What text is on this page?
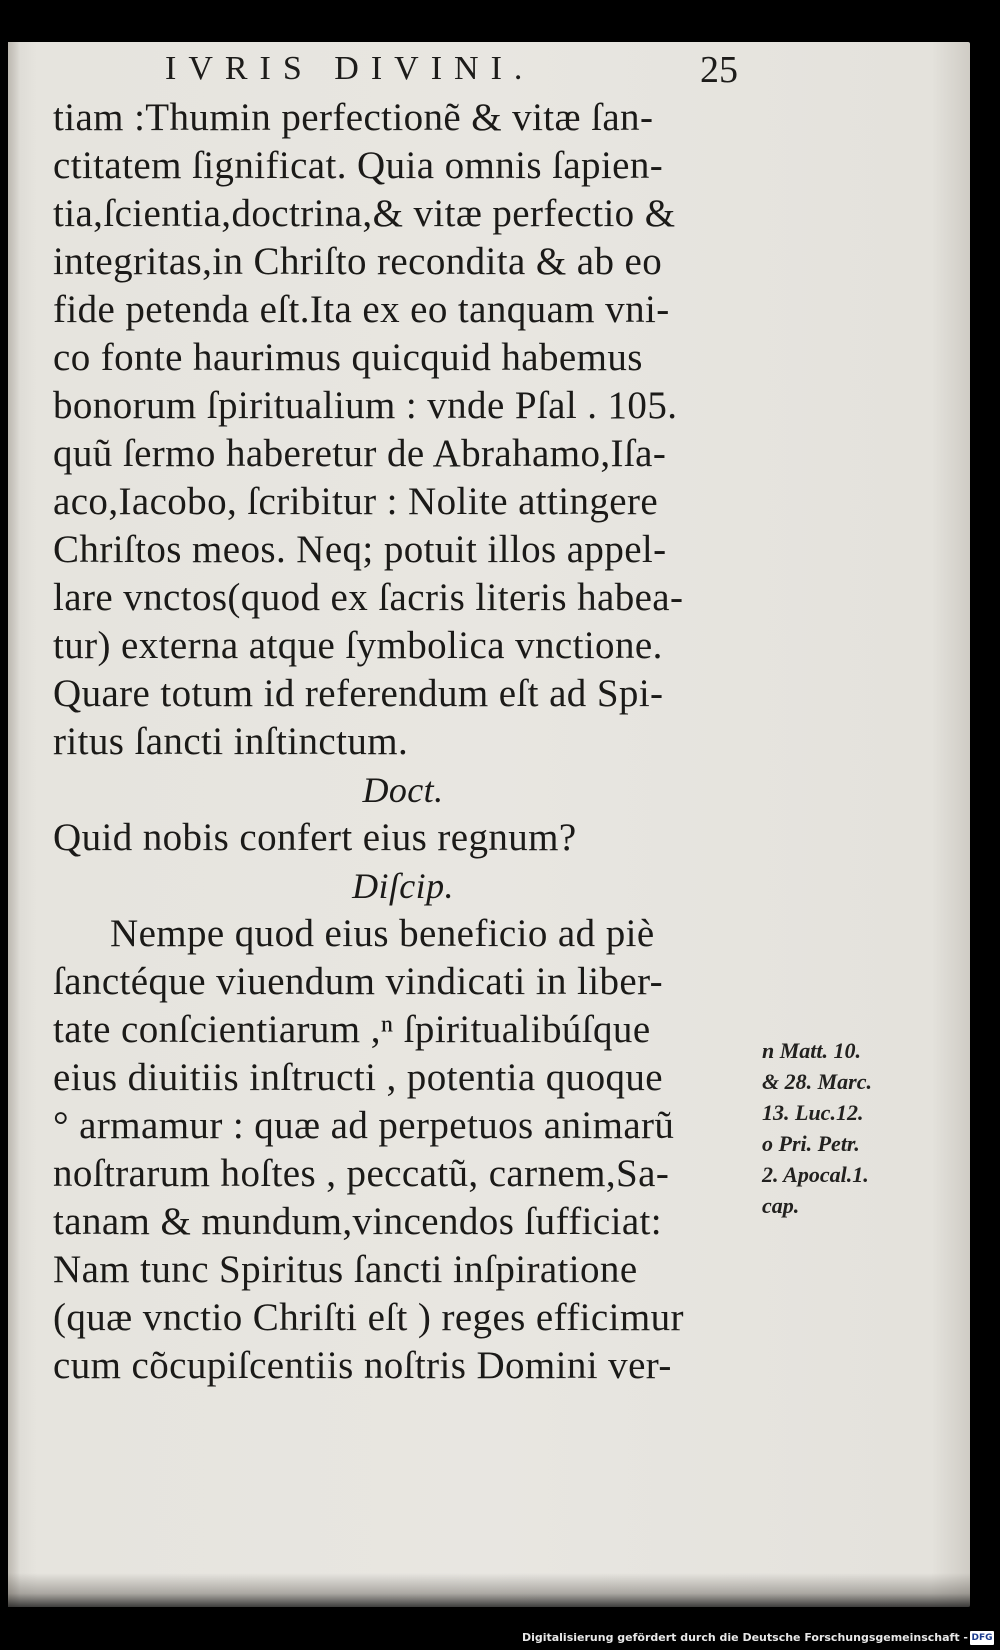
IVRIS DIVINI.	25
tiam :Thumin perfectionẽ & vitæ ſan-
ctitatem ſignificat. Quia omnis ſapien-
tia,ſcientia,doctrina,& vitæ perfectio &
integritas,in Chriſto recondita & ab eo
fide petenda eſt.Ita ex eo tanquam vni-
co fonte haurimus quicquid habemus
bonorum ſpiritualium : vnde Pſal . 105.
quũ ſermo haberetur de Abrahamo,Iſa-
aco,Iacobo, ſcribitur : Nolite attingere
Chriſtos meos. Neq; potuit illos appel-
lare vnctos(quod ex ſacris literis habea-
tur) externa atque ſymbolica vnctione.
Quare totum id referendum eſt ad Spi-
ritus ſancti inſtinctum.
Doct.
Quid nobis confert eius regnum?
Diſcip.
Nempe quod eius beneficio ad piè
ſanctéque viuendum vindicati in liber-
tate conſcientiarum ,ⁿ ſpiritualibúſque
eius diuitiis inſtructi , potentia quoque
° armamur : quæ ad perpetuos animarũ
noſtrarum hoſtes , peccatũ, carnem,Sa-
tanam & mundum,vincendos ſufficiat:
Nam tunc Spiritus ſancti inſpiratione
(quæ vnctio Chriſti eſt ) reges efficimur
cum cõcupiſcentiis noſtris Domini ver-
n Matt. 10.
& 28. Marc.
13. Luc.12.
o Pri. Petr.
2. Apocal.1.
cap.
Digitalisierung gefördert durch die Deutsche Forschungsgemeinschaft - DFG
